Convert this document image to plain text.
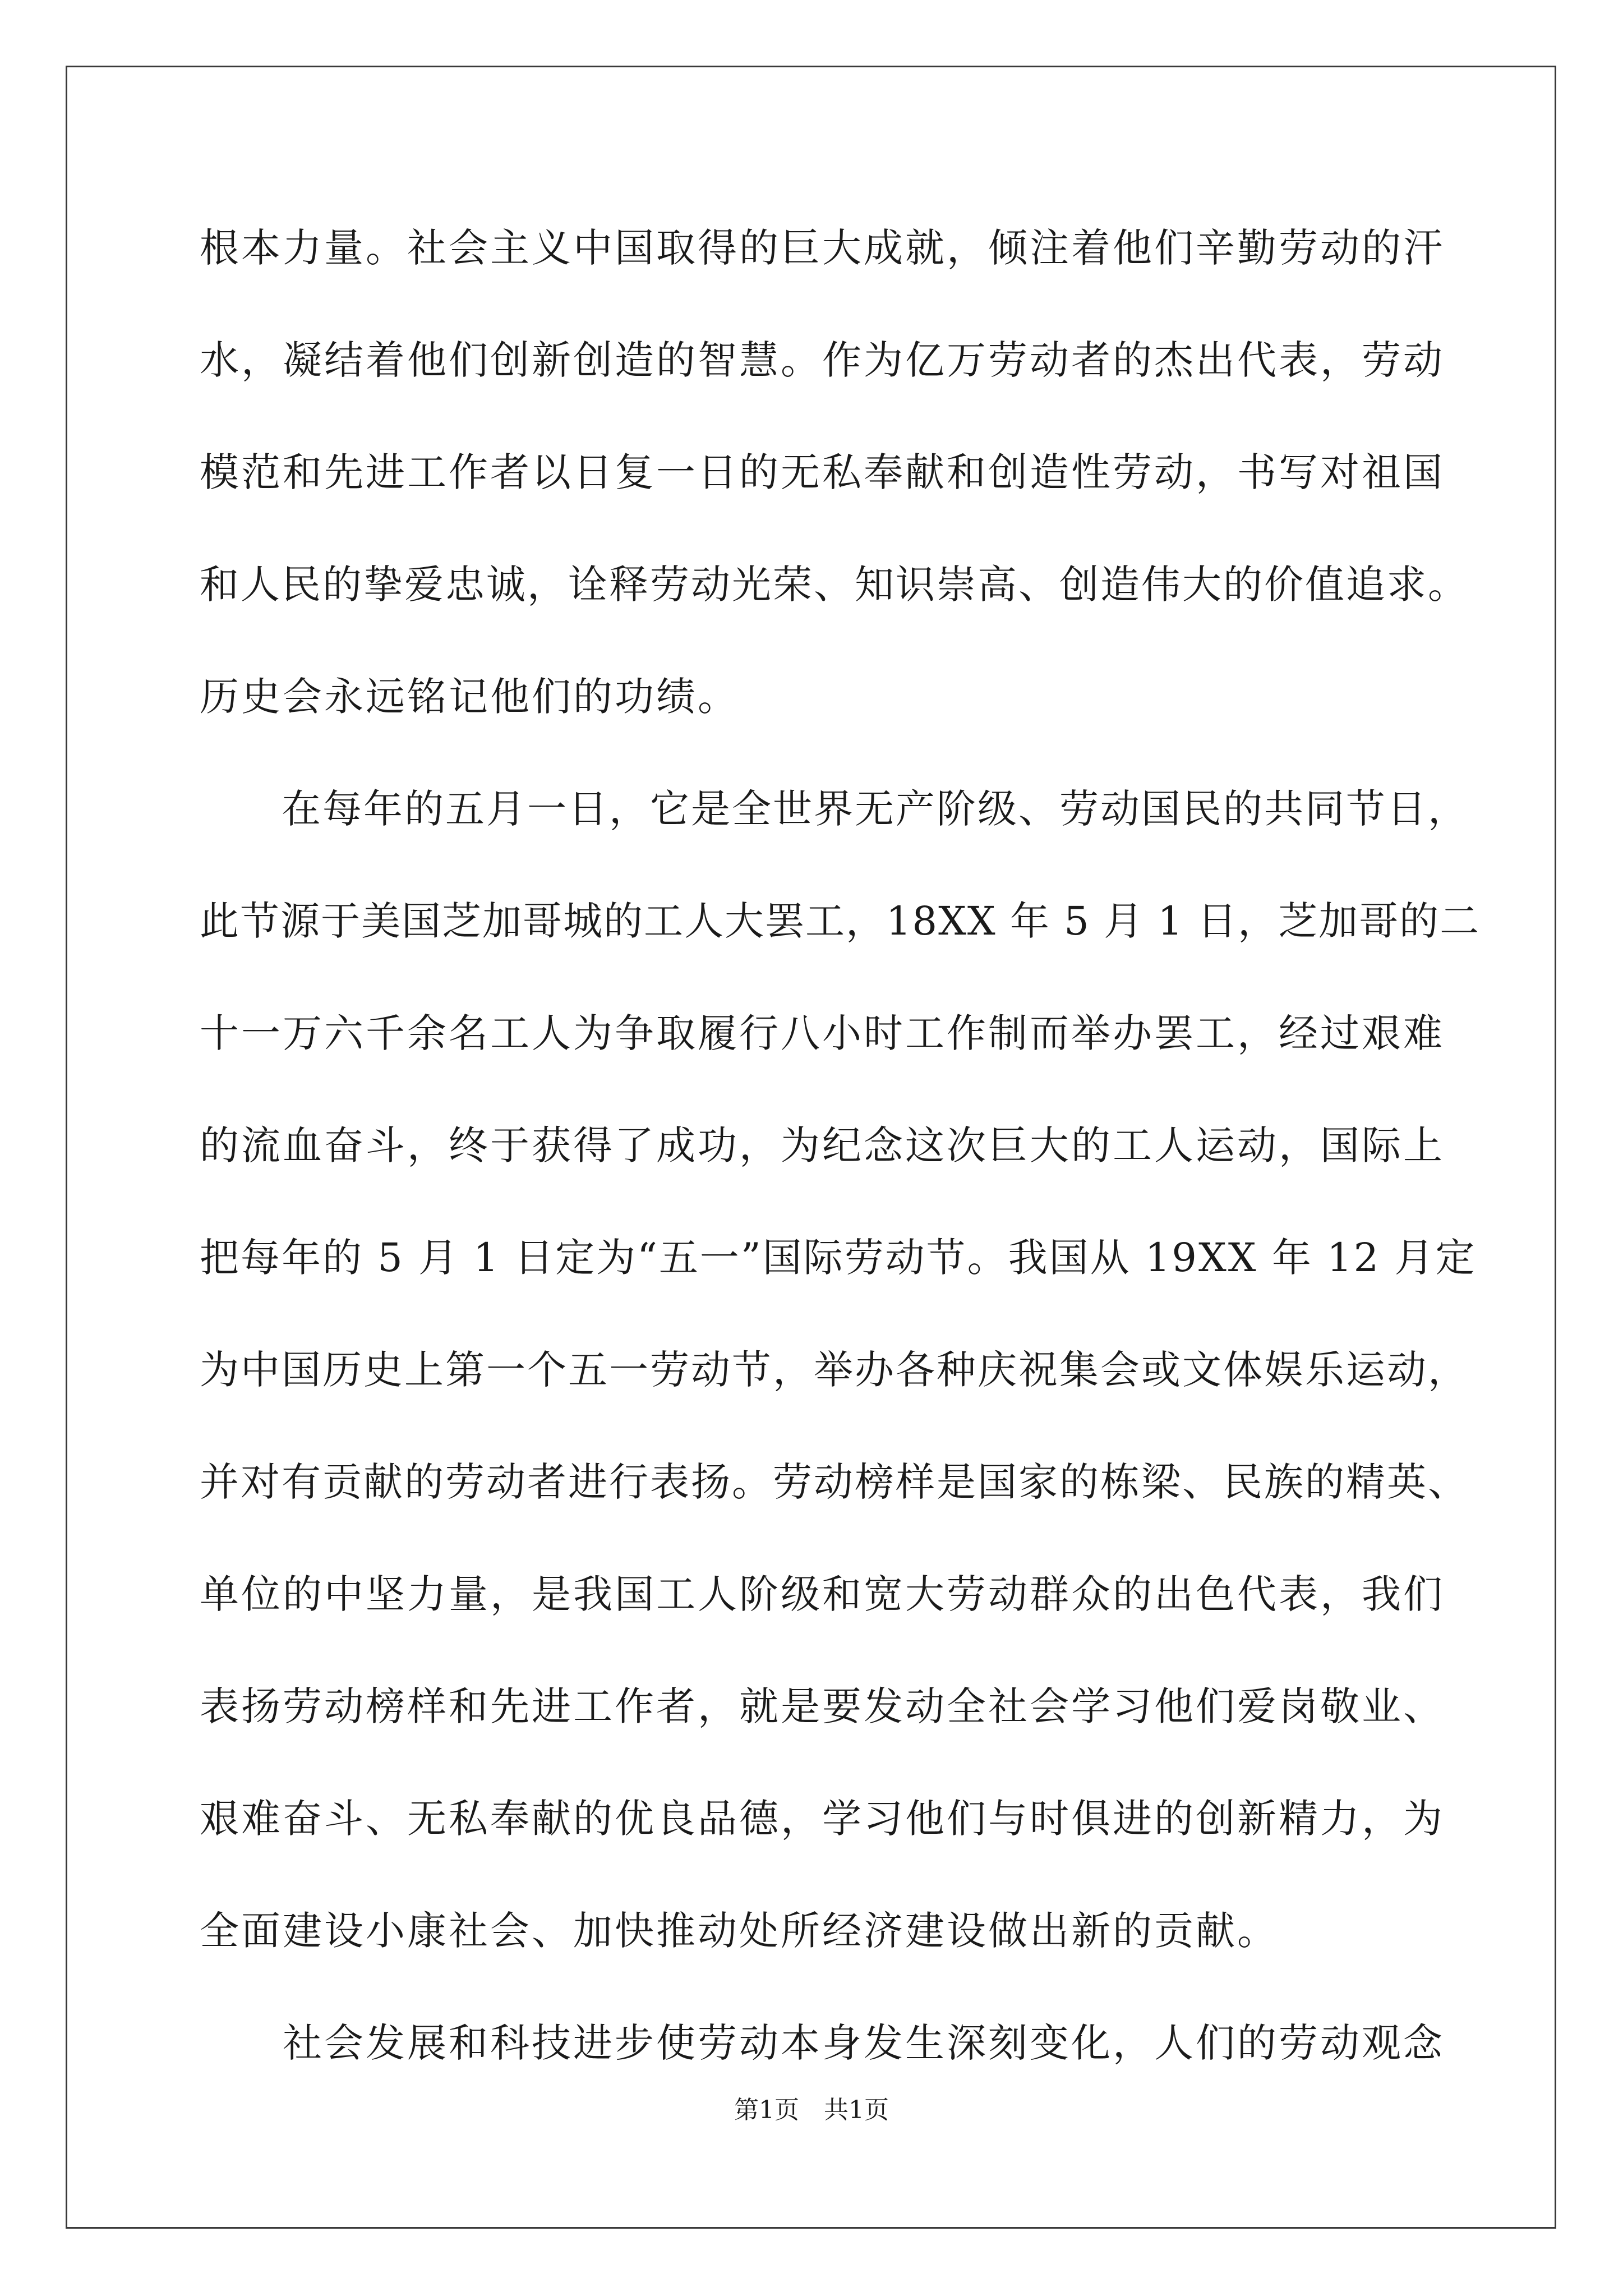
根本力量。社会主义中国取得的巨大成就，倾注着他们辛勤劳动的汗
水，凝结着他们创新创造的智慧。作为亿万劳动者的杰出代表，劳动
模范和先进工作者以日复一日的无私奉献和创造性劳动，书写对祖国
和人民的挚爱忠诚，诠释劳动光荣、知识崇高、创造伟大的价值追求。
历史会永远铭记他们的功绩。
　　在每年的五月一日，它是全世界无产阶级、劳动国民的共同节日，
此节源于美国芝加哥城的工人大罢工，18XX 年 5 月 1 日，芝加哥的二
十一万六千余名工人为争取履行八小时工作制而举办罢工，经过艰难
的流血奋斗，终于获得了成功，为纪念这次巨大的工人运动，国际上
把每年的 5 月 1 日定为“五一”国际劳动节。我国从 19XX 年 12 月定
为中国历史上第一个五一劳动节，举办各种庆祝集会或文体娱乐运动，
并对有贡献的劳动者进行表扬。劳动榜样是国家的栋梁、民族的精英、
单位的中坚力量，是我国工人阶级和宽大劳动群众的出色代表，我们
表扬劳动榜样和先进工作者，就是要发动全社会学习他们爱岗敬业、
艰难奋斗、无私奉献的优良品德，学习他们与时俱进的创新精力，为
全面建设小康社会、加快推动处所经济建设做出新的贡献。
　　社会发展和科技进步使劳动本身发生深刻变化，人们的劳动观念
第1页　共1页
